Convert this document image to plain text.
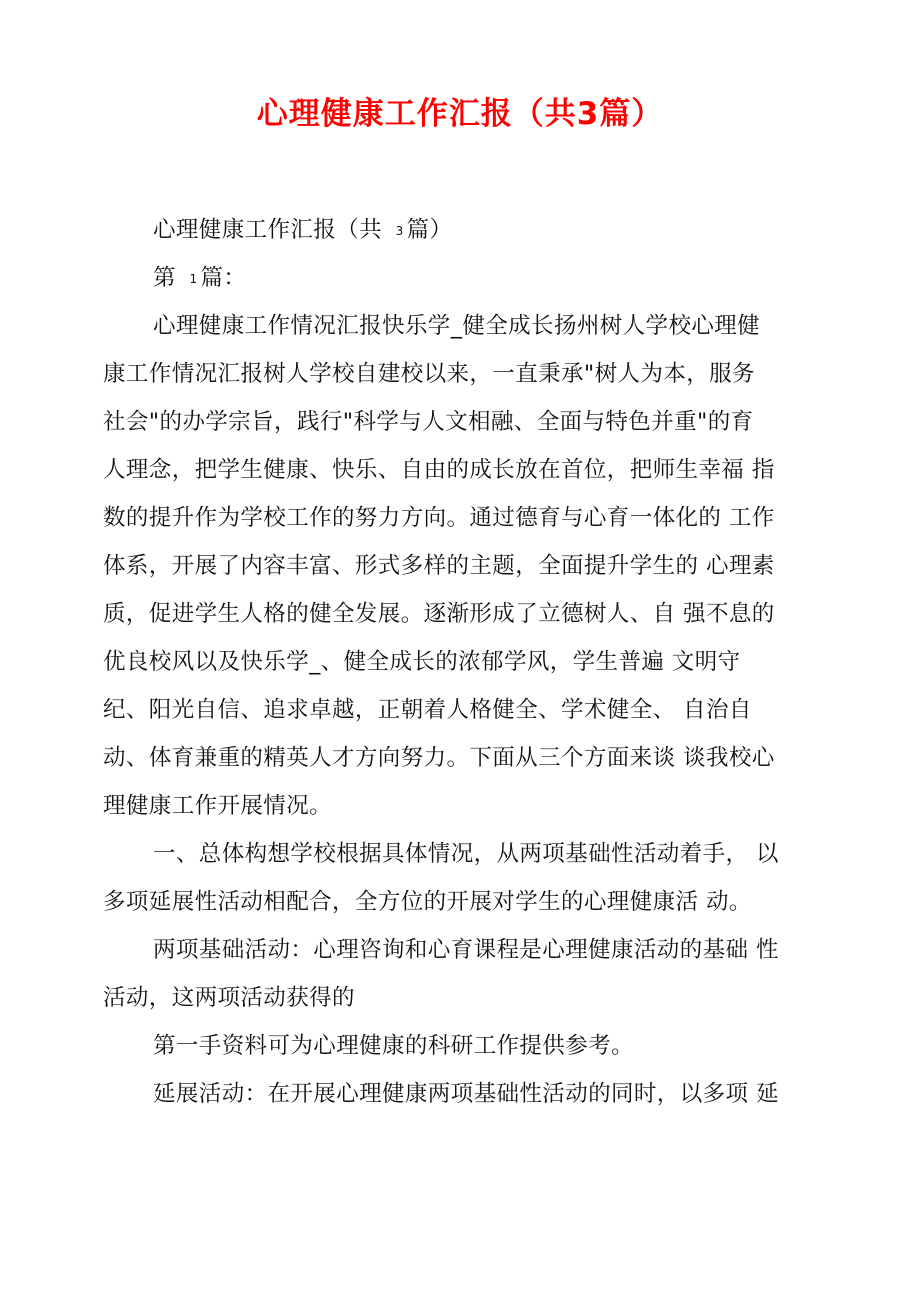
心理健康工作汇报（共3篇）
心理健康工作汇报（共 3 篇）
第 1 篇：
心理健康工作情况汇报快乐学_健全成长扬州树人学校心理健
康工作情况汇报树人学校自建校以来，一直秉承"树人为本，服务
社会"的办学宗旨，践行"科学与人文相融、全面与特色并重"的育
人理念，把学生健康、快乐、自由的成长放在首位，把师生幸福 指
数的提升作为学校工作的努力方向。通过德育与心育一体化的 工作
体系，开展了内容丰富、形式多样的主题，全面提升学生的 心理素
质，促进学生人格的健全发展。逐渐形成了立德树人、自 强不息的
优良校风以及快乐学_、健全成长的浓郁学风，学生普遍 文明守
纪、阳光自信、追求卓越，正朝着人格健全、学术健全、 自治自
动、体育兼重的精英人才方向努力。下面从三个方面来谈 谈我校心
理健康工作开展情况。
一、总体构想学校根据具体情况，从两项基础性活动着手， 以
多项延展性活动相配合，全方位的开展对学生的心理健康活 动。
两项基础活动：心理咨询和心育课程是心理健康活动的基础 性
活动，这两项活动获得的
第一手资料可为心理健康的科研工作提供参考。
延展活动：在开展心理健康两项基础性活动的同时，以多项 延
